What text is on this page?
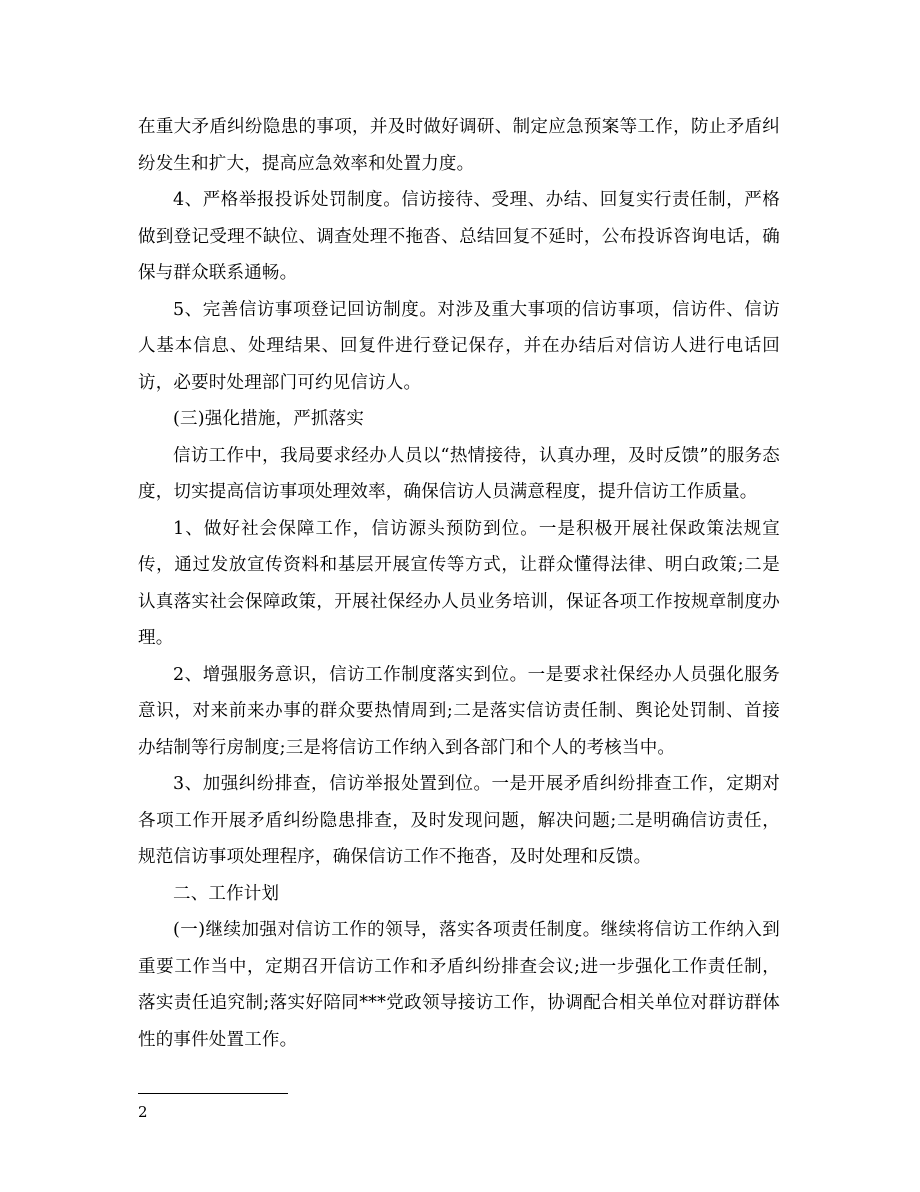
在重大矛盾纠纷隐患的事项，并及时做好调研、制定应急预案等工作，防止矛盾纠纷发生和扩大，提高应急效率和处置力度。

4、严格举报投诉处罚制度。信访接待、受理、办结、回复实行责任制，严格做到登记受理不缺位、调查处理不拖沓、总结回复不延时，公布投诉咨询电话，确保与群众联系通畅。

5、完善信访事项登记回访制度。对涉及重大事项的信访事项，信访件、信访人基本信息、处理结果、回复件进行登记保存，并在办结后对信访人进行电话回访，必要时处理部门可约见信访人。

(三)强化措施，严抓落实

信访工作中，我局要求经办人员以“热情接待，认真办理，及时反馈”的服务态度，切实提高信访事项处理效率，确保信访人员满意程度，提升信访工作质量。

1、做好社会保障工作，信访源头预防到位。一是积极开展社保政策法规宣传，通过发放宣传资料和基层开展宣传等方式，让群众懂得法律、明白政策;二是认真落实社会保障政策，开展社保经办人员业务培训，保证各项工作按规章制度办理。

2、增强服务意识，信访工作制度落实到位。一是要求社保经办人员强化服务意识，对来前来办事的群众要热情周到;二是落实信访责任制、舆论处罚制、首接办结制等行房制度;三是将信访工作纳入到各部门和个人的考核当中。

3、加强纠纷排查，信访举报处置到位。一是开展矛盾纠纷排查工作，定期对各项工作开展矛盾纠纷隐患排查，及时发现问题，解决问题;二是明确信访责任，规范信访事项处理程序，确保信访工作不拖沓，及时处理和反馈。

二、工作计划

(一)继续加强对信访工作的领导，落实各项责任制度。继续将信访工作纳入到重要工作当中，定期召开信访工作和矛盾纠纷排查会议;进一步强化工作责任制，落实责任追究制;落实好陪同***党政领导接访工作，协调配合相关单位对群访群体性的事件处置工作。

2
